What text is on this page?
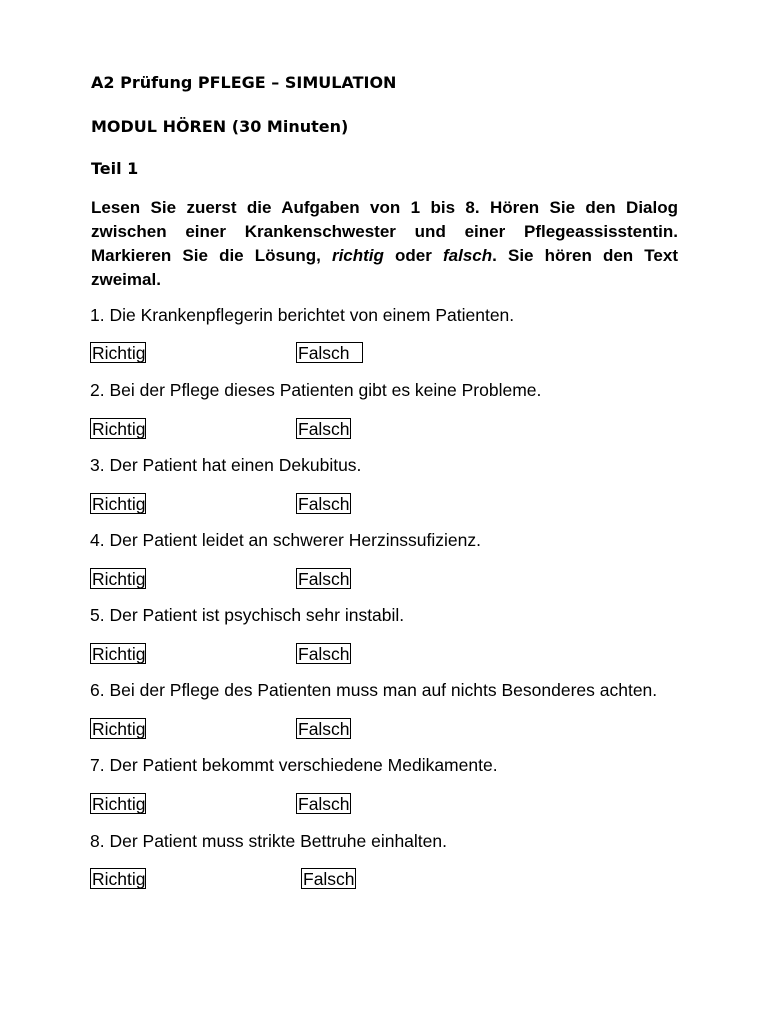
A2 Prüfung PFLEGE – SIMULATION
MODUL HÖREN (30 Minuten)
Teil 1
Lesen Sie zuerst die Aufgaben von 1 bis 8. Hören Sie den Dialog zwischen einer Krankenschwester und einer Pflegeassisstentin. Markieren Sie die Lösung, richtig oder falsch. Sie hören den Text zweimal.
1. Die Krankenpflegerin berichtet von einem Patienten.
Richtig	Falsch
2. Bei der Pflege dieses Patienten gibt es keine Probleme.
Richtig	Falsch
3. Der Patient hat einen Dekubitus.
Richtig	Falsch
4. Der Patient leidet an schwerer Herzinssufizienz.
Richtig	Falsch
5. Der Patient ist psychisch sehr instabil.
Richtig	Falsch
6. Bei der Pflege des Patienten muss man auf nichts Besonderes achten.
Richtig	Falsch
7. Der Patient bekommt verschiedene Medikamente.
Richtig	Falsch
8. Der Patient muss strikte Bettruhe einhalten.
Richtig	Falsch
